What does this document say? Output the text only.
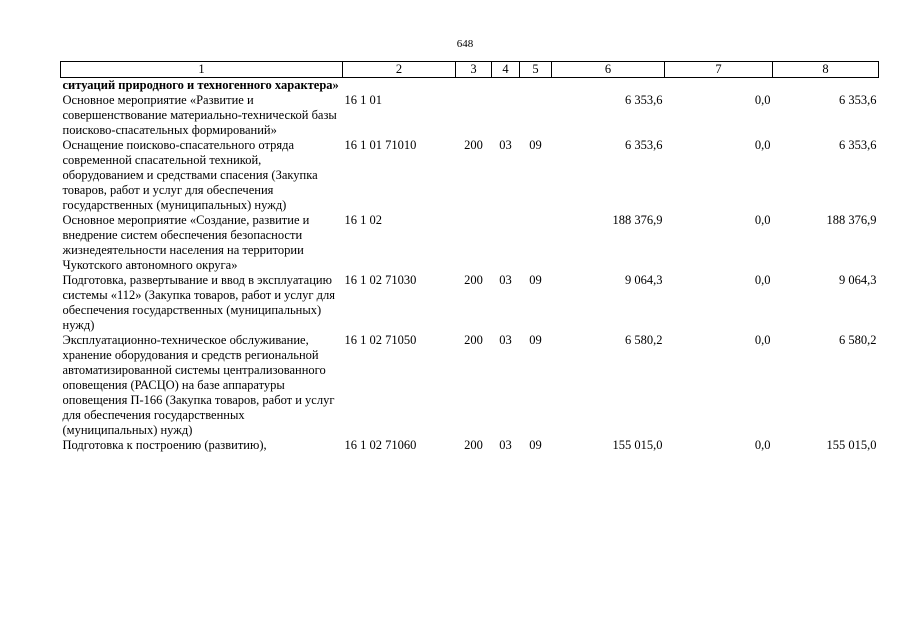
648
1	2	3	4	5	6	7	8
ситуаций природного и техногенного характера»							
Основное мероприятие «Развитие и совершенствование материально-технической базы поисково-спасательных формирований»	16 1 01				6 353,6	0,0	6 353,6
Оснащение поисково-спасательного отряда современной спасательной техникой, оборудованием и средствами спасения (Закупка товаров, работ и услуг для обеспечения государственных (муниципальных) нужд)	16 1 01 71010	200	03	09	6 353,6	0,0	6 353,6
Основное мероприятие «Создание, развитие и внедрение систем обеспечения безопасности жизнедеятельности населения на территории Чукотского автономного округа»	16 1 02				188 376,9	0,0	188 376,9
Подготовка, развертывание и ввод в эксплуатацию системы «112» (Закупка товаров, работ и услуг для обеспечения государственных (муниципальных) нужд)	16 1 02 71030	200	03	09	9 064,3	0,0	9 064,3
Эксплуатационно-техническое обслуживание, хранение оборудования и средств региональной автоматизированной системы централизованного оповещения (РАСЦО) на базе аппаратуры оповещения П-166 (Закупка товаров, работ и услуг для обеспечения государственных (муниципальных) нужд)	16 1 02 71050	200	03	09	6 580,2	0,0	6 580,2
Подготовка к построению (развитию),	16 1 02 71060	200	03	09	155 015,0	0,0	155 015,0
